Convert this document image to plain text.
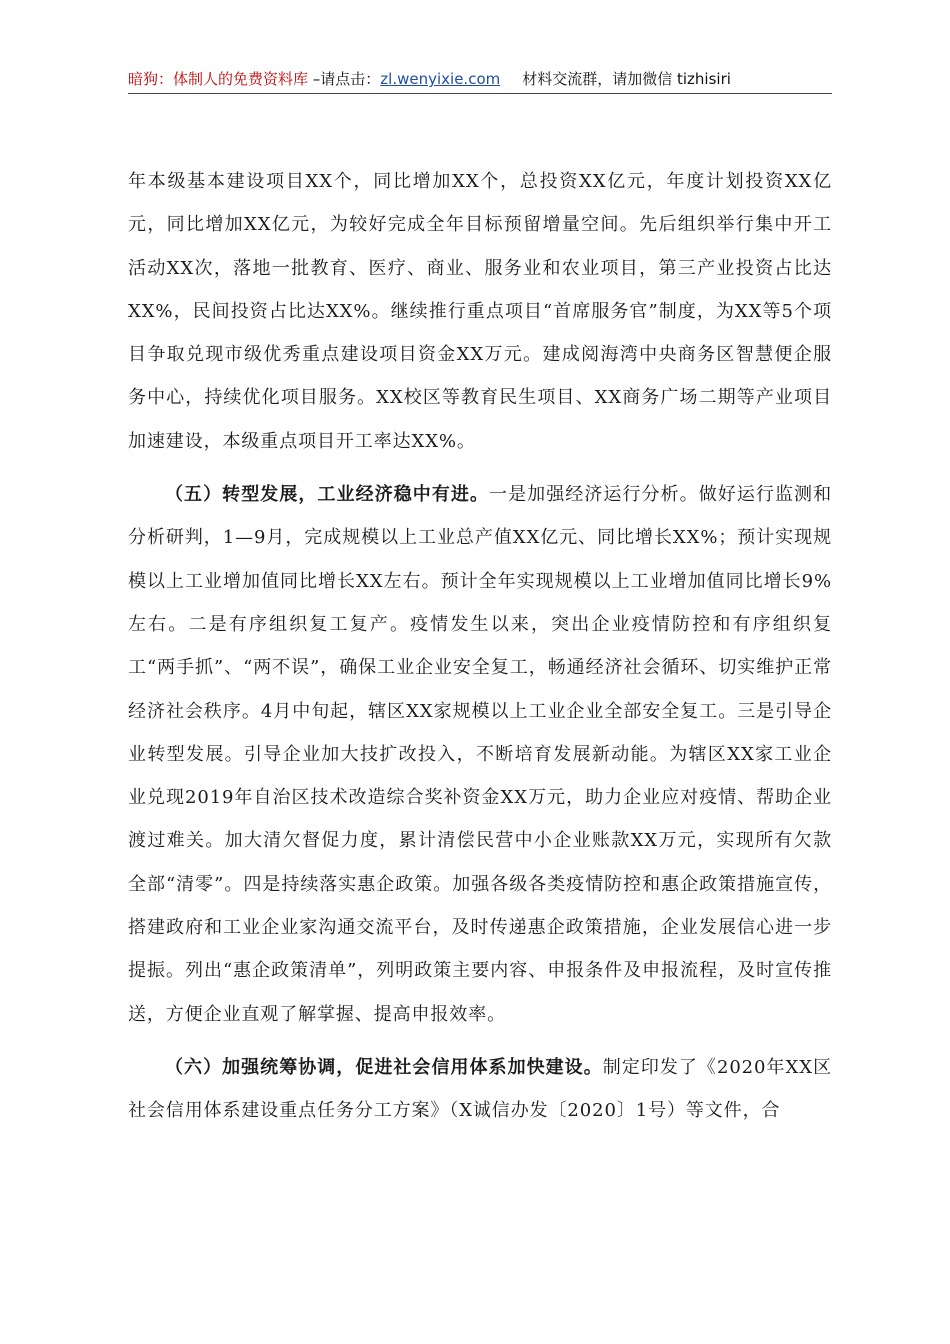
暗狗：体制人的免费资料库 –请点击：zl.wenyixie.com 材料交流群，请加微信 tizhisiri

年本级基本建设项目XX个，同比增加XX个，总投资XX亿元，年度计划投资XX亿元，同比增加XX亿元，为较好完成全年目标预留增量空间。先后组织举行集中开工活动XX次，落地一批教育、医疗、商业、服务业和农业项目，第三产业投资占比达XX%，民间投资占比达XX%。继续推行重点项目“首席服务官”制度，为XX等5个项目争取兑现市级优秀重点建设项目资金XX万元。建成阅海湾中央商务区智慧便企服务中心，持续优化项目服务。XX校区等教育民生项目、XX商务广场二期等产业项目加速建设，本级重点项目开工率达XX%。

（五）转型发展，工业经济稳中有进。一是加强经济运行分析。做好运行监测和分析研判，1—9月，完成规模以上工业总产值XX亿元、同比增长XX%；预计实现规模以上工业增加值同比增长XX左右。预计全年实现规模以上工业增加值同比增长9%左右。二是有序组织复工复产。疫情发生以来，突出企业疫情防控和有序组织复工“两手抓”、“两不误”，确保工业企业安全复工，畅通经济社会循环、切实维护正常经济社会秩序。4月中旬起，辖区XX家规模以上工业企业全部安全复工。三是引导企业转型发展。引导企业加大技扩改投入，不断培育发展新动能。为辖区XX家工业企业兑现2019年自治区技术改造综合奖补资金XX万元，助力企业应对疫情、帮助企业渡过难关。加大清欠督促力度，累计清偿民营中小企业账款XX万元，实现所有欠款全部“清零”。四是持续落实惠企政策。加强各级各类疫情防控和惠企政策措施宣传，搭建政府和工业企业家沟通交流平台，及时传递惠企政策措施，企业发展信心进一步提振。列出“惠企政策清单”，列明政策主要内容、申报条件及申报流程，及时宣传推送，方便企业直观了解掌握、提高申报效率。

（六）加强统筹协调，促进社会信用体系加快建设。制定印发了《2020年XX区社会信用体系建设重点任务分工方案》（X诚信办发〔2020〕1号）等文件，合
